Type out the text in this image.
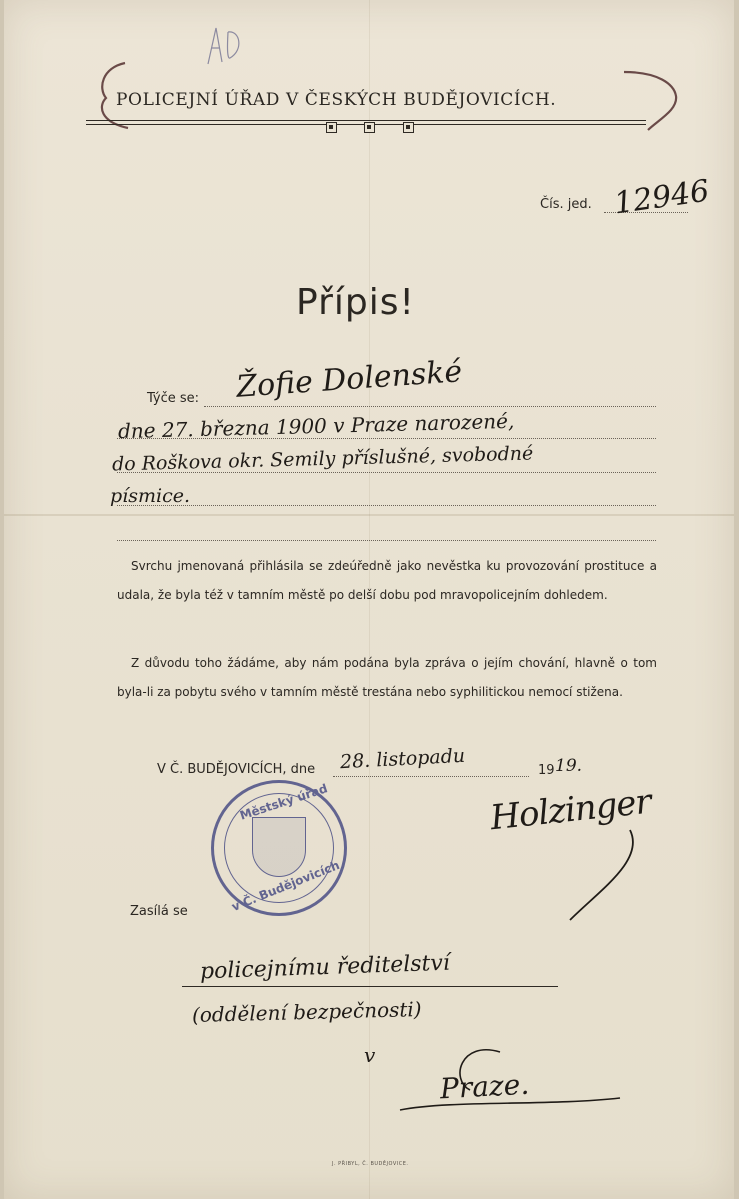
POLICEJNÍ ÚŘAD V ČESKÝCH BUDĚJOVICÍCH.
Čís. jed. 12946
Přípis!
Týče se: Žofie Dolenské
dne 27. března 1900 v Praze narozené,
do Roškova okr. Semily příslušné, svobodné
písmice.

Svrchu jmenovaná přihlásila se zdeúředně jako nevěstka ku provozování prostituce a udala, že byla též v tamním městě po delší dobu pod mravopolicejním dohledem.

Z důvodu toho žádáme, aby nám podána byla zpráva o jejím chování, hlavně o tom byla-li za pobytu svého v tamním městě trestána nebo syphilitickou nemocí stižena.

V Č. BUDĚJOVICÍCH, dne 28. listopadu	19 19.
Holzinger
Městský úřad
v Č. Budějovicích
Zasílá se
policejnímu ředitelství
(oddělení bezpečnosti)
v
Praze.
J. PŘIBYL, Č. BUDĚJOVICE.
